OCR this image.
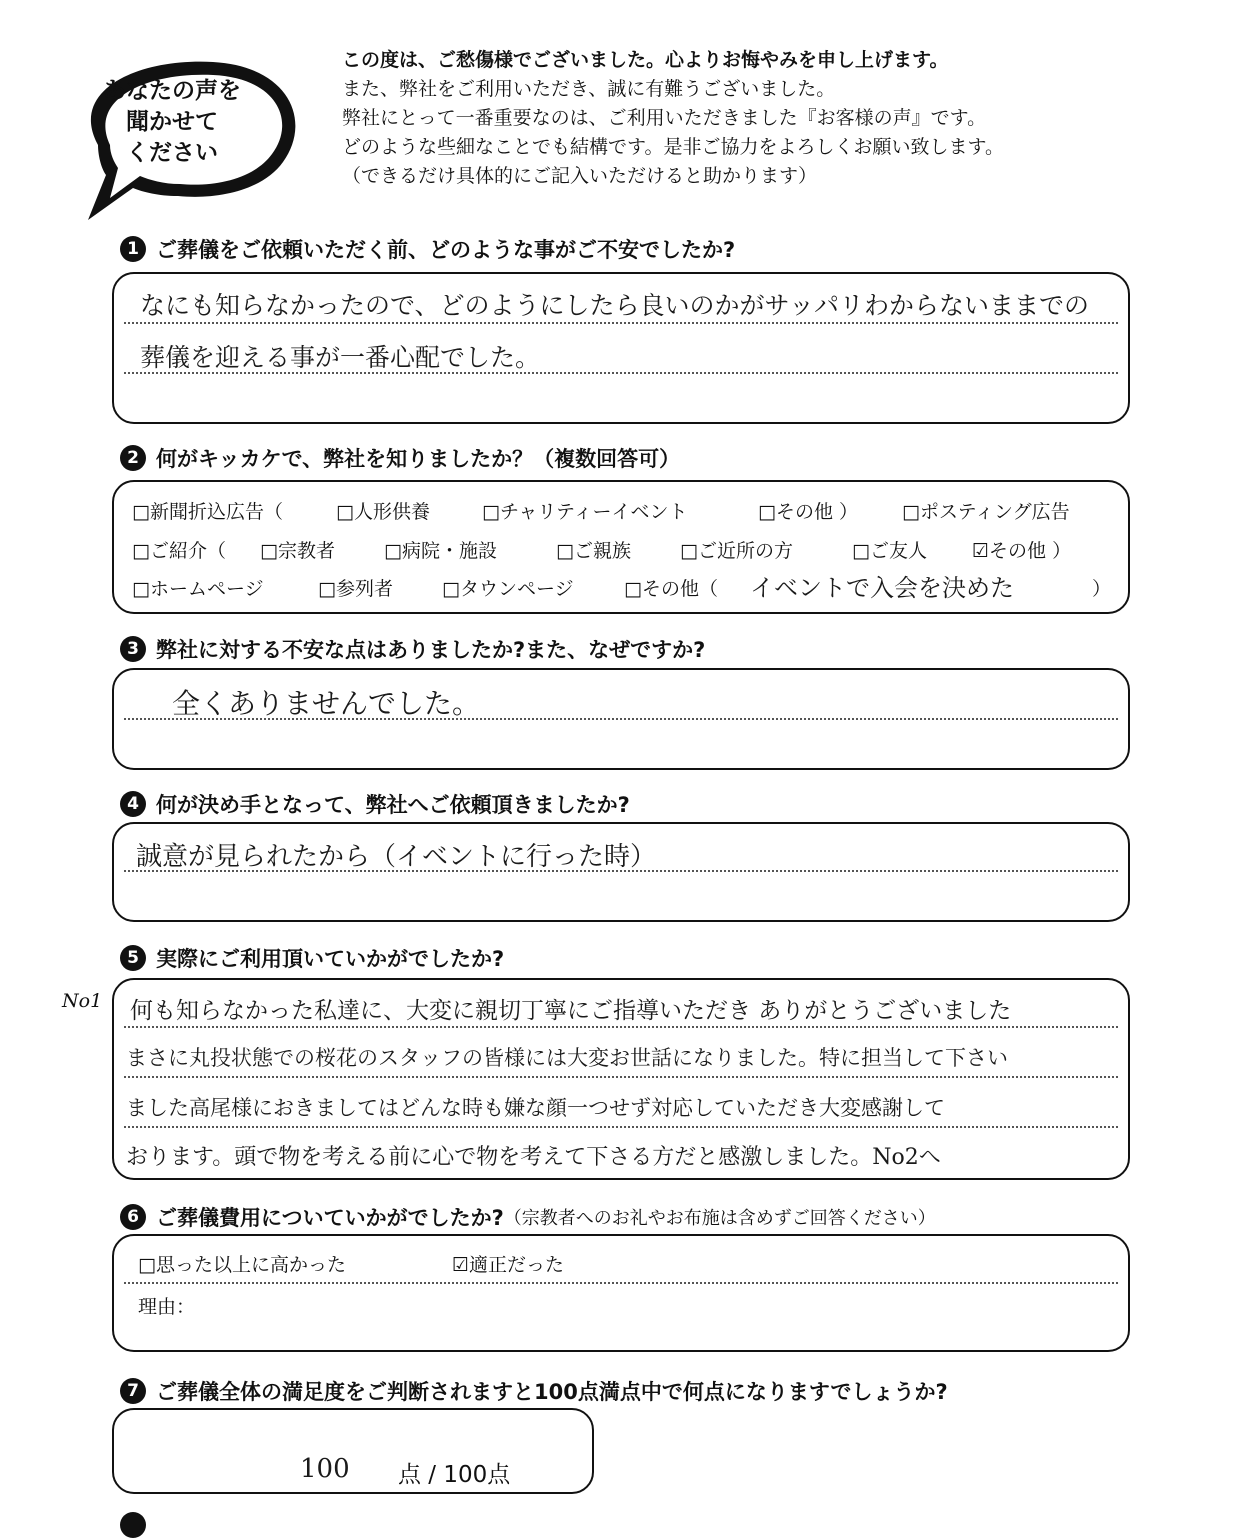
あなたの声を
聞かせて
ください
この度は、ご愁傷様でございました。心よりお悔やみを申し上げます。
また、弊社をご利用いただき、誠に有難うございました。
弊社にとって一番重要なのは、ご利用いただきました『お客様の声』です。
どのような些細なことでも結構です。是非ご協力をよろしくお願い致します。
（できるだけ具体的にご記入いただけると助かります）
1 ご葬儀をご依頼いただく前、どのような事がご不安でしたか?
なにも知らなかったので、どのようにしたら良いのかがサッパリわからないままでの
葬儀を迎える事が一番心配でした。
2 何がキッカケで、弊社を知りましたか？（複数回答可）
□新聞折込広告（	□人形供養	□チャリティーイベント	□その他 ） □ポスティング広告
□ご紹介（ □宗教者	□病院・施設	□ご親族	□ご近所の方	□ご友人 ☑その他 ）
□ホームページ	□参列者	□タウンページ	□その他（ イベントで入会を決めた	）
3 弊社に対する不安な点はありましたか?また、なぜですか?
全くありませんでした。
4 何が決め手となって、弊社へご依頼頂きましたか?
誠意が見られたから（イベントに行った時）
5 実際にご利用頂いていかがでしたか?
No1 何も知らなかった私達に、大変に親切丁寧にご指導いただき ありがとうございました
まさに丸投状態での桜花のスタッフの皆様には大変お世話になりました。特に担当して下さい
ました高尾様におきましてはどんな時も嫌な顔一つせず対応していただき大変感謝して
おります。頭で物を考える前に心で物を考えて下さる方だと感激しました。No2へ
6 ご葬儀費用についていかがでしたか? （宗教者へのお礼やお布施は含めずご回答ください）
□思った以上に高かった	☑適正だった
理由：
7 ご葬儀全体の満足度をご判断されますと100点満点中で何点になりますでしょうか?
100 点 / 100点
